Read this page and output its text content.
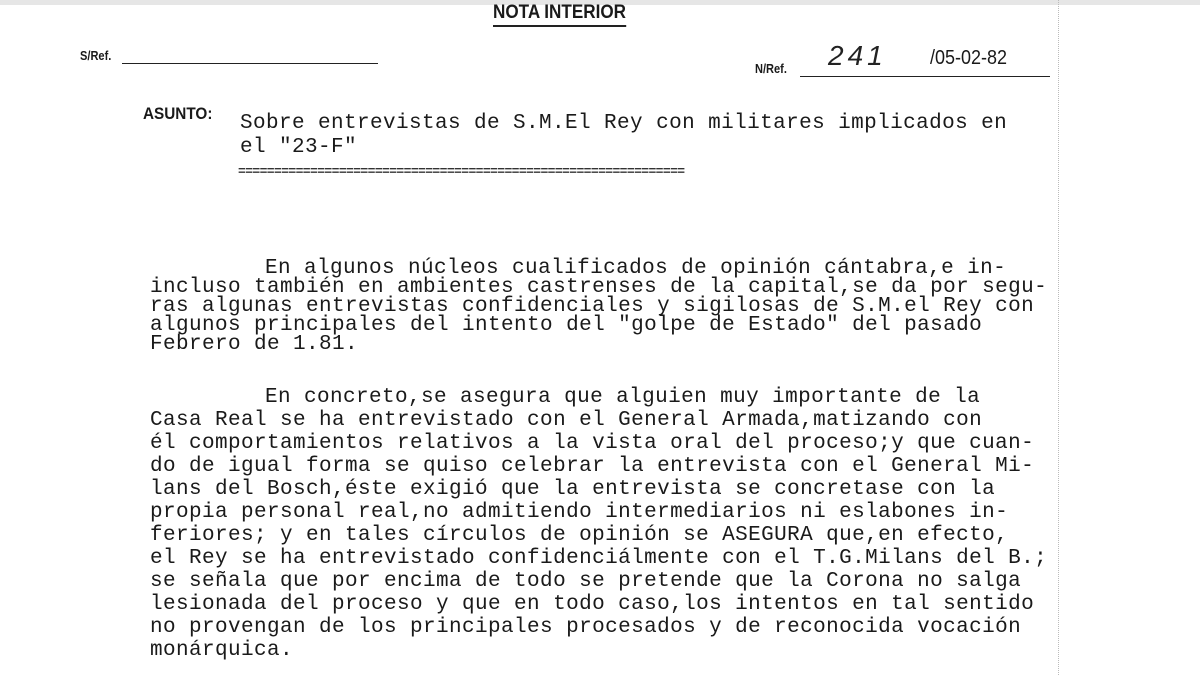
NOTA INTERIOR
S/Ref.
N/Ref. 241 /05-02-82
ASUNTO: Sobre entrevistas de S.M.El Rey con militares implicados en
el "23-F"
==============================================================
En algunos núcleos cualificados de opinión cántabra,e in-
incluso también en ambientes castrenses de la capital,se da por segu-
ras algunas entrevistas confidenciales y sigilosas de S.M.el Rey con
algunos principales del intento del "golpe de Estado" del pasado
Febrero de 1.81.
En concreto,se asegura que alguien muy importante de la
Casa Real se ha entrevistado con el General Armada,matizando con
él comportamientos relativos a la vista oral del proceso;y que cuan-
do de igual forma se quiso celebrar la entrevista con el General Mi-
lans del Bosch,éste exigió que la entrevista se concretase con la
propia personal real,no admitiendo intermediarios ni eslabones in-
feriores; y en tales círculos de opinión se ASEGURA que,en efecto,
el Rey se ha entrevistado confidenciálmente con el T.G.Milans del B.;
se señala que por encima de todo se pretende que la Corona no salga
lesionada del proceso y que en todo caso,los intentos en tal sentido
no provengan de los principales procesados y de reconocida vocación
monárquica.
